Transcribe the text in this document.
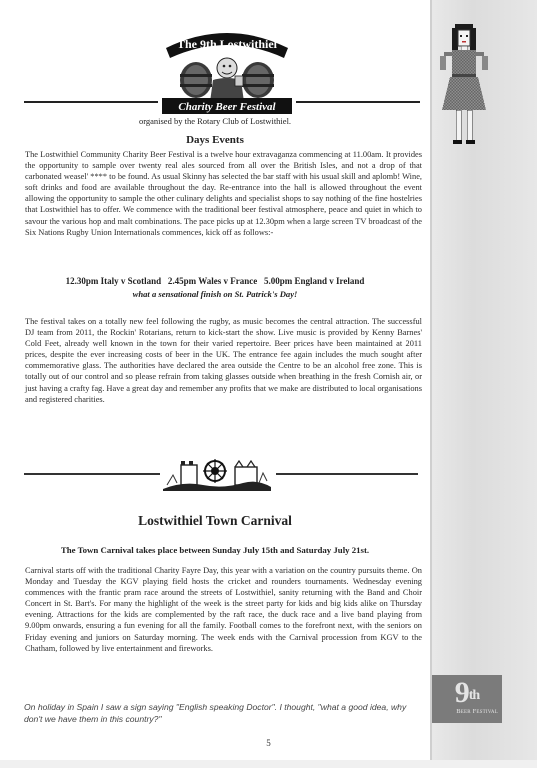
The 9th Lostwithiel
Charity Beer Festival
organised by the Rotary Club of Lostwithiel.
Days Events

The Lostwithiel Community Charity Beer Festival is a twelve hour extravaganza commencing at 11.00am. It provides the opportunity to sample over twenty real ales sourced from all over the British Isles, and not a drop of that carbonated weasel' **** to be found. As usual Skinny has selected the bar staff with his usual skill and aplomb! Wine, soft drinks and food are available throughout the day. Re-entrance into the hall is allowed throughout the event allowing the opportunity to sample the other culinary delights and specialist shops to say nothing of the fine hostelries that Lostwithiel has to offer. We commence with the traditional beer festival atmosphere, peace and quiet in which to savour the various hop and malt combinations. The pace picks up at 12.30pm when a large screen TV broadcast of the Six Nations Rugby Union Internationals commences, kick off as follows:-

12.30pm Italy v Scotland   2.45pm Wales v France   5.00pm England v Ireland

what a sensational finish on St. Patrick's Day!

The festival takes on a totally new feel following the rugby, as music becomes the central attraction. The successful DJ team from 2011, the Rockin' Rotarians, return to kick-start the show. Live music is provided by Kenny Barnes' Cold Feet, already well known in the town for their varied repertoire. Beer prices have been maintained at 2011 prices, despite the ever increasing costs of beer in the UK. The entrance fee again includes the much sought after commemorative glass. The authorities have declared the area outside the Centre to be an alcohol free zone. This is totally out of our control and so please refrain from taking glasses outside when breathing in the fresh Cornish air, or just having a crafty fag. Have a great day and remember any profits that we make are distributed to local organisations and registered charities.

Lostwithiel Town Carnival

The Town Carnival takes place between Sunday July 15th and Saturday July 21st.

Carnival starts off with the traditional Charity Fayre Day, this year with a variation on the country pursuits theme. On Monday and Tuesday the KGV playing field hosts the cricket and rounders tournaments. Wednesday evening commences with the frantic pram race around the streets of Lostwithiel, sanity returning with the Band and Choir Concert in St. Bart's. For many the highlight of the week is the street party for kids and big kids alike on Thursday evening. Attractions for the kids are complemented by the raft race, the duck race and a live band playing from 9.00pm onwards, ensuring a fun evening for all the family. Football comes to the forefront next, with the seniors on Friday evening and juniors on Saturday morning. The week ends with the Carnival procession from KGV to the Chatham, followed by live entertainment and fireworks.

On holiday in Spain I saw a sign saying "English speaking Doctor". I thought, "what a good idea, why don't we have them in this country?"

9th
Beer Festival
5
